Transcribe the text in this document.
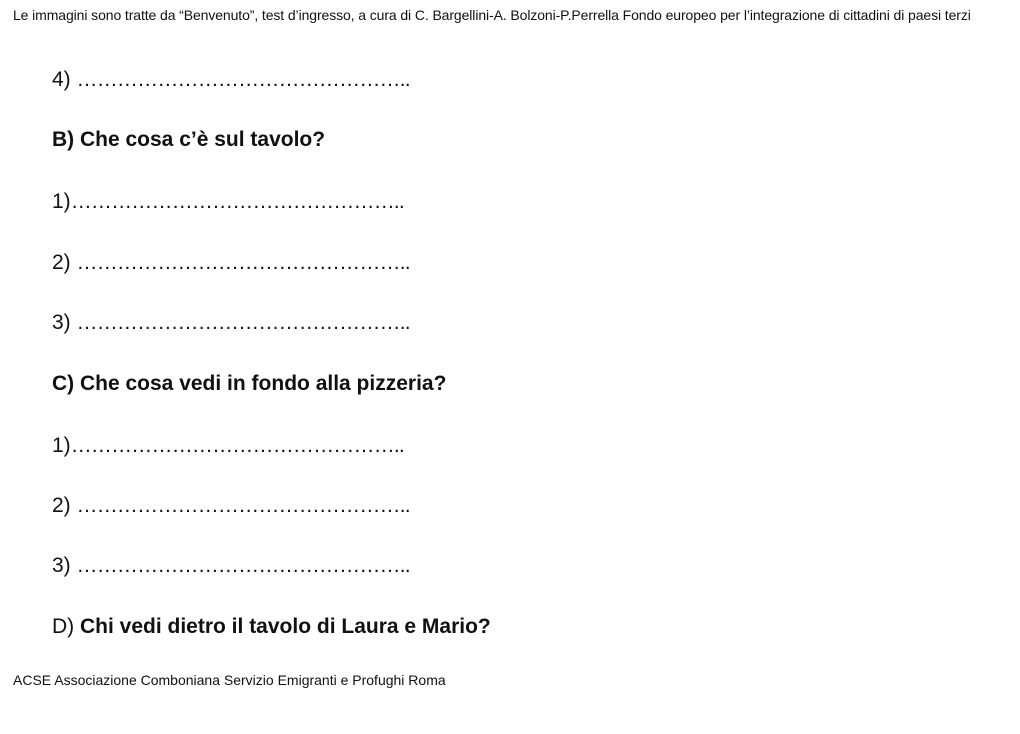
Le immagini sono tratte da “Benvenuto”, test d’ingresso, a cura di C. Bargellini-A. Bolzoni-P.Perrella Fondo europeo per l’integrazione di cittadini di paesi terzi
4) …………………………………………..
B) Che cosa c’è sul tavolo?
1)…………………………………………..
2) …………………………………………..
3) …………………………………………..
C) Che cosa vedi in fondo alla pizzeria?
1)…………………………………………..
2) …………………………………………..
3) …………………………………………..
D) Chi vedi dietro il tavolo di Laura e Mario?
ACSE Associazione Comboniana Servizio Emigranti e Profughi Roma
